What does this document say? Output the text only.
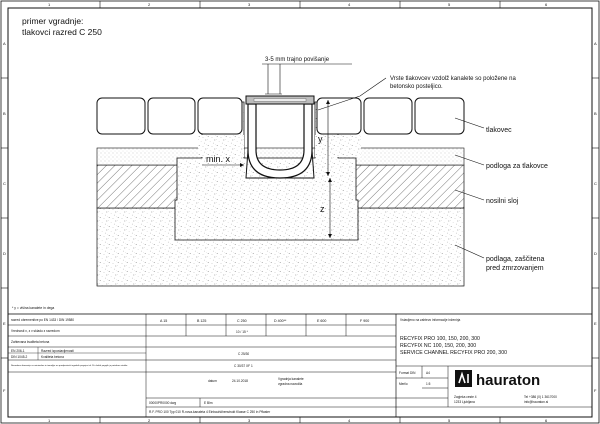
1	2	3	4	5	6
1	2	3	4	5	6
A
B
C
D
E
F
A
B
C
D
E
F
primer vgradnje:
tlakovci razred C 250
3-5 mm trajno povišanje
Vrste tlakovcev vzdolž kanalete so položene na
betonsko posteljico.
min. x
y
z
tlakovec
podloga za tlakovce
nosilni sloj
podlaga, zaščitena
pred zmrzovanjem
* y = višina kanalete in dega
razred obremenitve po EN 1433 / DIN 19580
Vrednosti x, z v skladu z razredom
Zahtevana kvaliteta betona
EN 206-1
DIN 1045-2
Razred izpostavljenosti
Kvaliteta betona
Navedene dimenzije so minimalne in temeljijo na predpostavki ugodnih pogojev tal. Pri slabih pogojih je potrebna statika.
A 15	B 125	C 250	D 400**	E 600	F 900
10 / 15 *
C 25/30
C 30/37 XF 1
Vstavljeno na zahtevo informacije inženirja
RECYFIX PRO 100, 150, 200, 300
RECYFIX NC 100, 150, 200, 300
SERVICE CHANNEL RECYFIX PRO 200, 300
datum	24.10.2018	Vgradnja kanalete
vgradna navodila
Format DIN	A4
Merilo	1:5
00000PR0000 dwg	E Blm
R.F. PRO 100 Typ 010 R-nova-kanaleta 4 Einbauhöhenstrukt Klasse C 250 in Pflaster
hauraton
Zapjeka ceste 4
1233 Ljubljana
Tel +386 (0) 1 3617000
info@hauraton.si
